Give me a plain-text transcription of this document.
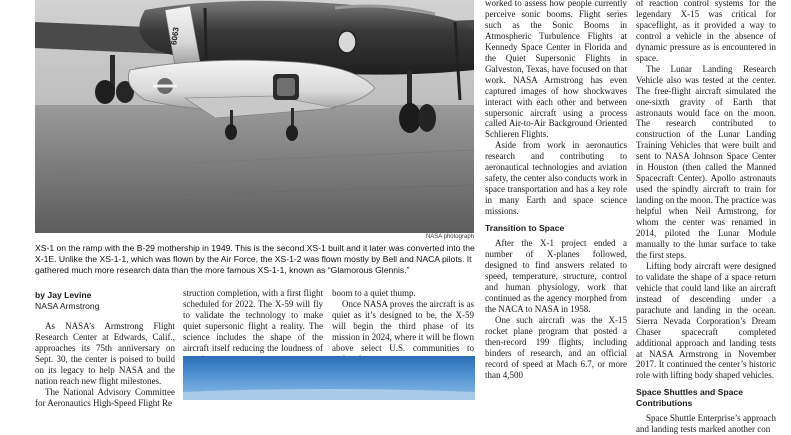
6063
NASA photograph
XS-1 on the ramp with the B-29 mothership in 1949. This is the second XS-1 built and it later was converted into the X-1E. Unlike the XS-1-1, which was flown by the Air Force, the XS-1-2 was flown mostly by Bell and NACA pilots. It gathered much more research data than the more famous XS-1-1, known as “Glamorous Glennis.”
by Jay Levine
NASA Armstrong

As NASA’s Armstrong Flight Research Center at Edwards, Calif., approaches its 75th anniversary on Sept. 30, the center is poised to build on its legacy to help NASA and the nation reach new flight milestones.

The National Advisory Committee for Aeronautics High-Speed Flight Re

struction completion, with a first flight scheduled for 2022. The X-59 will fly to validate the technology to make quiet supersonic flight a reality. The science includes the shape of the aircraft itself reducing the loudness of

boom to a quiet thump.

Once NASA proves the aircraft is as quiet as it’s designed to be, the X-59 will begin the third phase of its mission in 2024, where it will be flown above select U.S. communities to

worked to assess how people currently perceive sonic booms. Flight series such as the Sonic Booms in Atmospheric Turbulence Flights at Kennedy Space Center in Florida and the Quiet Supersonic Flights in Galveston, Texas, have focused on that work. NASA Armstrong has even captured images of how shockwaves interact with each other and between supersonic aircraft using a process called Air-to-Air Background Oriented Schlieren Flights.

Aside from work in aeronautics research and contributing to aeronautical technologies and aviation safety, the center also conducts work in space transportation and has a key role in many Earth and space science missions.

Transition to Space

After the X-1 project ended a number of X-planes followed, designed to find answers related to speed, temperature, structure, control and human physiology, work that continued as the agency morphed from the NACA to NASA in 1958.

One such aircraft was the X-15 rocket plane program that posted a then-record 199 flights, including binders of research, and an official record of speed at Mach 6.7, or more than 4,500

of reaction control systems for the legendary X-15 was critical for spaceflight, as it provided a way to control a vehicle in the absence of dynamic pressure as is encountered in space.

The Lunar Landing Research Vehicle also was tested at the center. The free-flight aircraft simulated the one-sixth gravity of Earth that astronauts would face on the moon. The research contributed to construction of the Lunar Landing Training Vehicles that were built and sent to NASA Johnson Space Center in Houston (then called the Manned Spacecraft Center). Apollo astronauts used the spindly aircraft to train for landing on the moon. The practice was helpful when Neil Armstrong, for whom the center was renamed in 2014, piloted the Lunar Module manually to the lunar surface to take the first steps.

Lifting body aircraft were designed to validate the shape of a space return vehicle that could land like an aircraft instead of descending under a parachute and landing in the ocean. Sierra Nevada Corporation’s Dream Chaser spacecraft completed additional approach and landing tests at NASA Armstrong in November 2017. It continued the center’s historic role with lifting body shaped vehicles.

Space Shuttles and Space Contributions

Space Shuttle Enterprise’s approach and landing tests marked another con
